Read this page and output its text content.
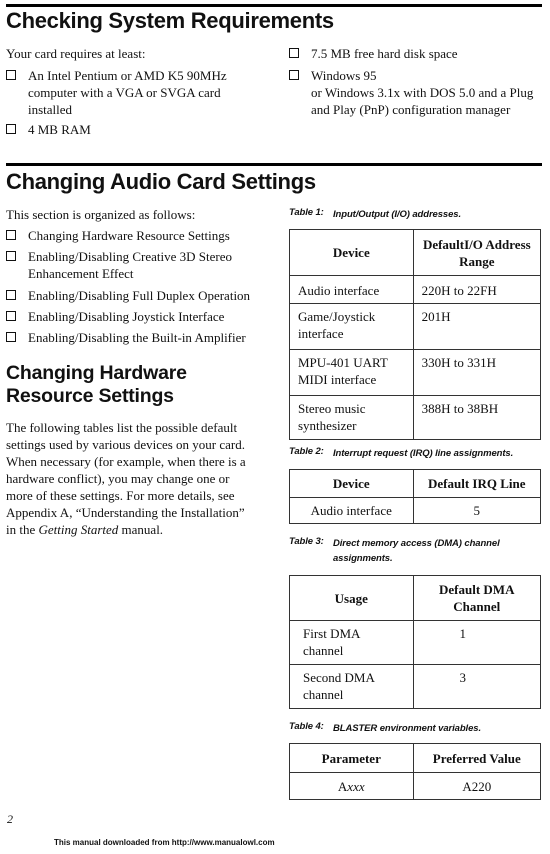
Checking System Requirements
Your card requires at least:
An Intel Pentium or AMD K5 90MHz
computer with a VGA or SVGA card
installed
4 MB RAM
7.5 MB free hard disk space
Windows 95
or Windows 3.1x with DOS 5.0 and a Plug
and Play (PnP) configuration manager
Changing Audio Card Settings
This section is organized as follows:
Changing Hardware Resource Settings
Enabling/Disabling Creative 3D Stereo
Enhancement Effect
Enabling/Disabling Full Duplex Operation
Enabling/Disabling Joystick Interface
Enabling/Disabling the Built-in Amplifier
Changing Hardware
Resource Settings
The following tables list the possible default
settings used by various devices on your card.
When necessary (for example, when there is a
hardware conflict), you may change one or
more of these settings. For more details, see
Appendix A, “Understanding the Installation”
in the Getting Started manual.
Table 1: Input/Output (I/O) addresses.
Device	DefaultI/O Address
Range

Audio interface	220H to 22FH

Game/Joystick
interface	201H

MPU-401 UART
MIDI interface	330H to 331H

Stereo music
synthesizer	388H to 38BH
Table 2: Interrupt request (IRQ) line assignments.
Device	Default IRQ Line
Audio interface	5
Table 3: Direct memory access (DMA) channel
assignments.
Usage	Default DMA
Channel

First DMA
channel	1

Second DMA
channel	3
Table 4: BLASTER environment variables.
Parameter	Preferred Value
Axxx	A220
2
This manual downloaded from http://www.manualowl.com
